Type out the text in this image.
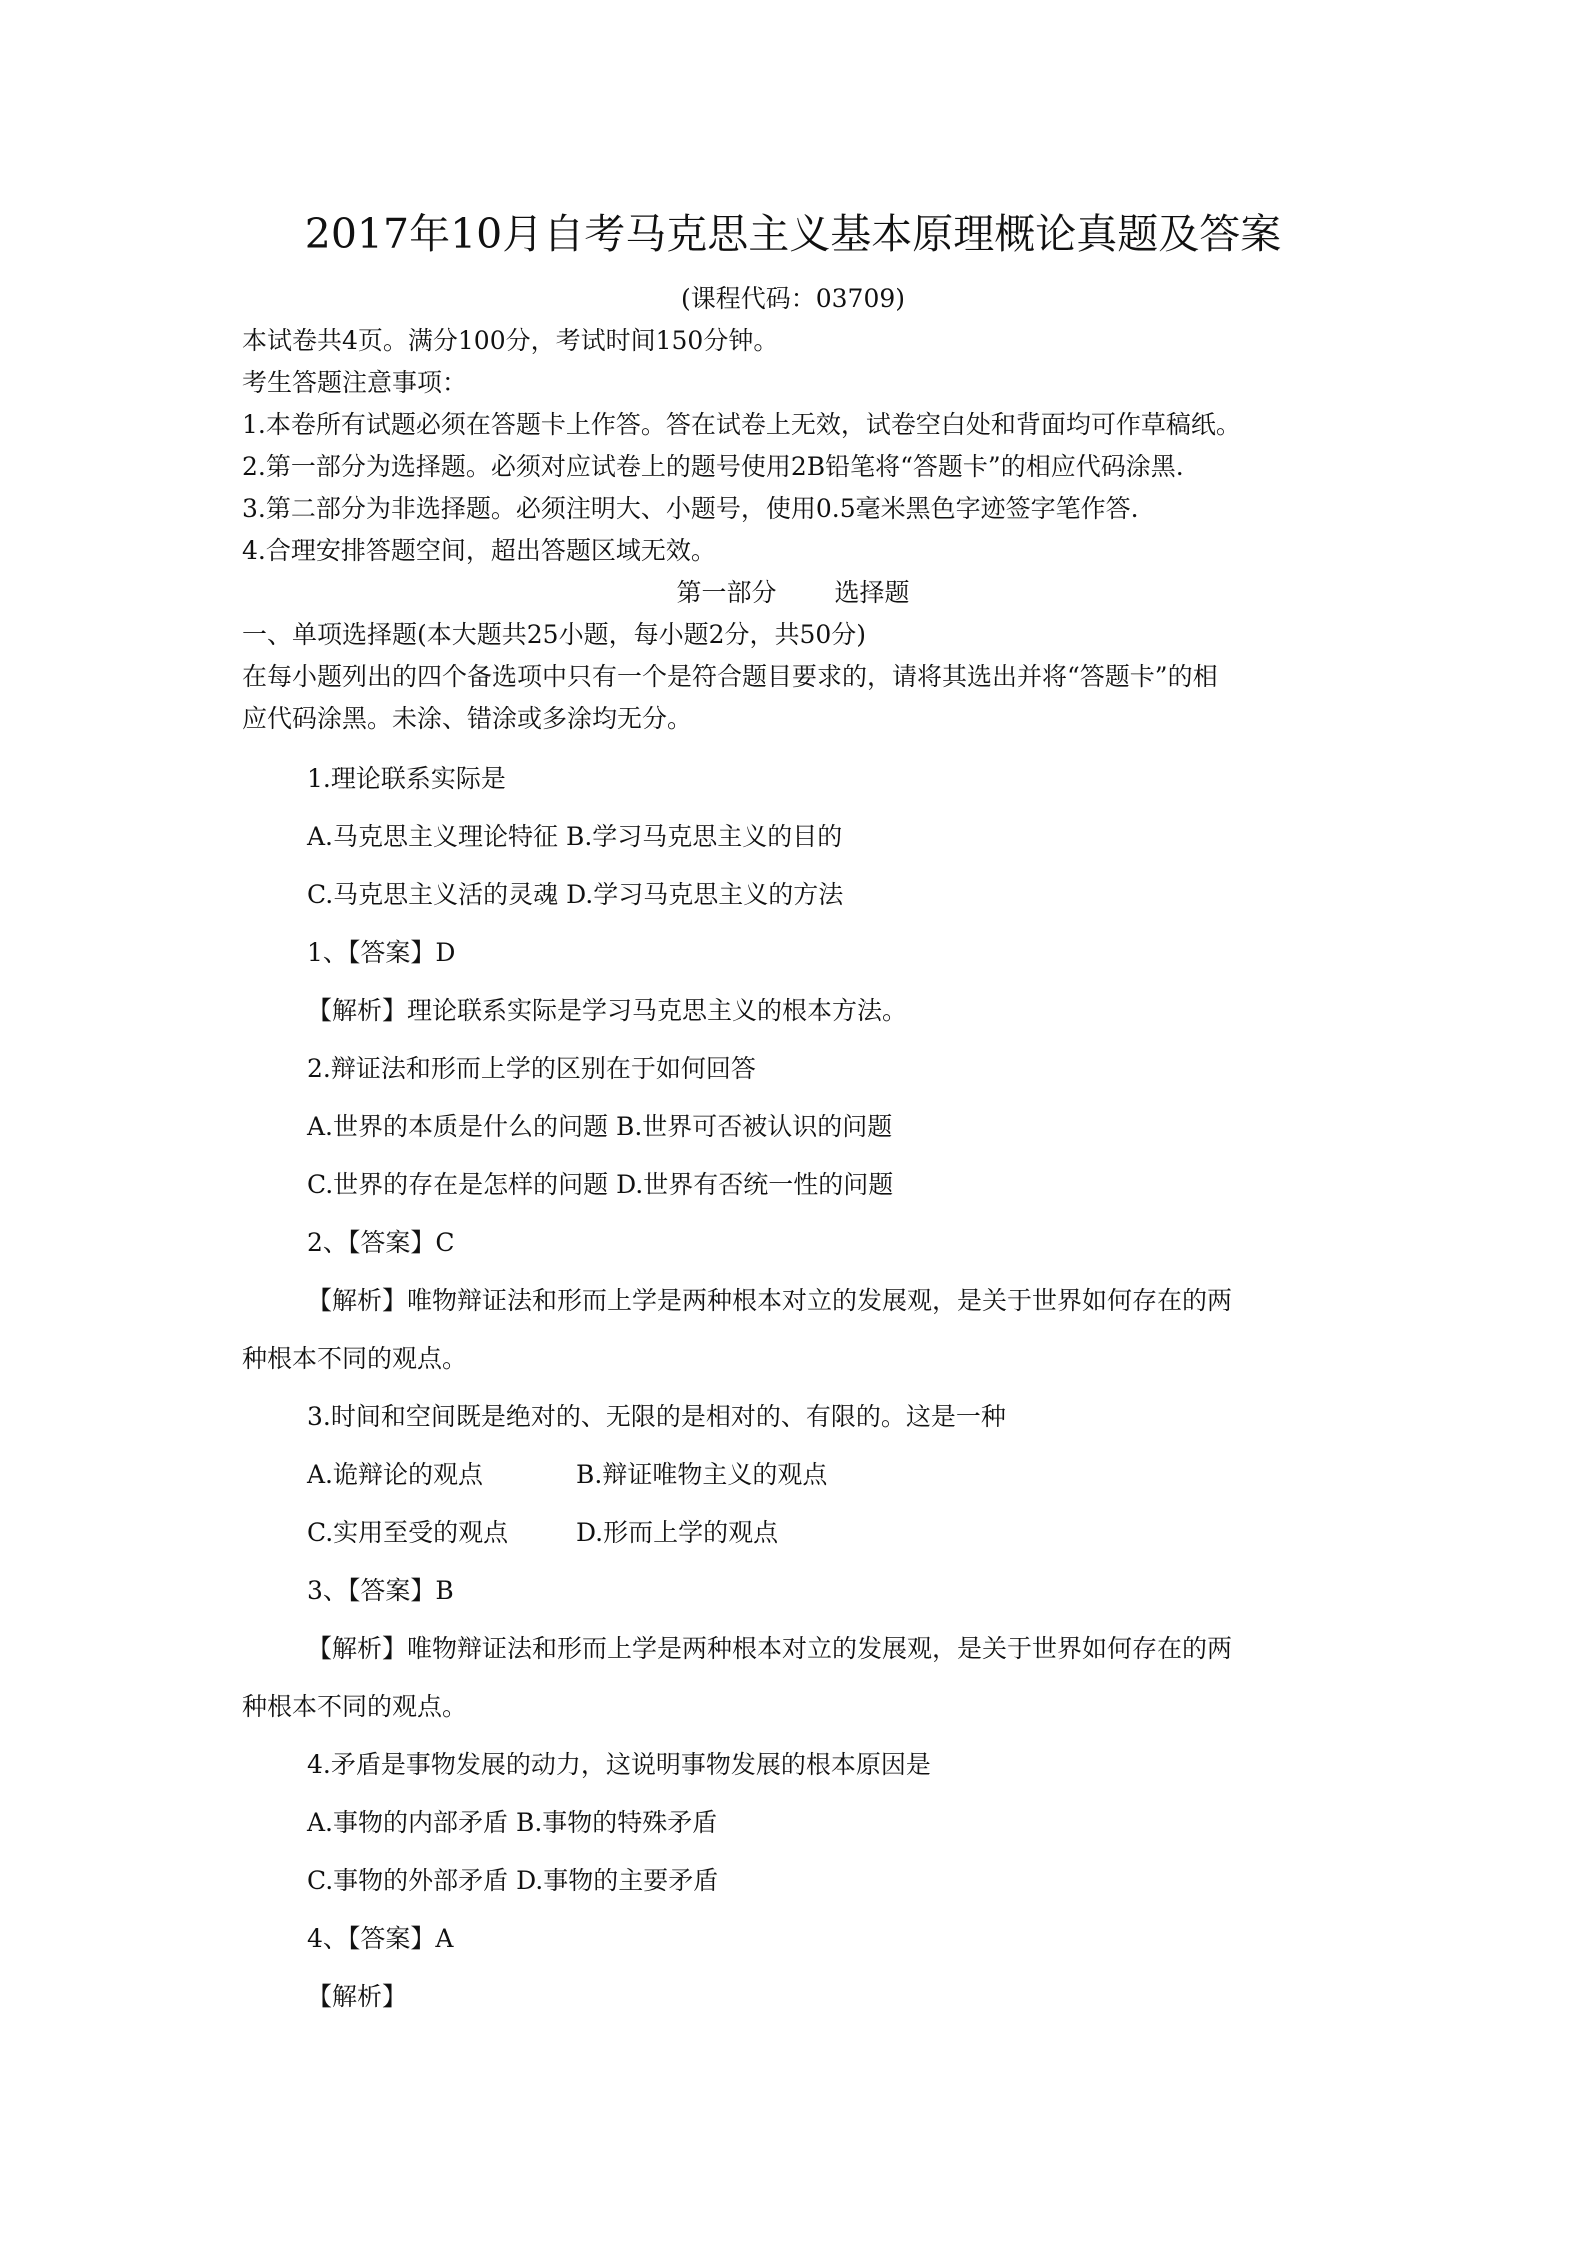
2017年10月自考马克思主义基本原理概论真题及答案
(课程代码：03709)
本试卷共4页。满分100分，考试时间150分钟。
考生答题注意事项：
1.本卷所有试题必须在答题卡上作答。答在试卷上无效，试卷空白处和背面均可作草稿纸。
2.第一部分为选择题。必须对应试卷上的题号使用2B铅笔将“答题卡”的相应代码涂黑.
3.第二部分为非选择题。必须注明大、小题号，使用0.5毫米黑色字迹签字笔作答.
4.合理安排答题空间，超出答题区域无效。
第一部分 选择题
一、单项选择题(本大题共25小题，每小题2分，共50分)
在每小题列出的四个备选项中只有一个是符合题目要求的，请将其选出并将“答题卡”的相
应代码涂黑。未涂、错涂或多涂均无分。
1.理论联系实际是
A.马克思主义理论特征 B.学习马克思主义的目的
C.马克思主义活的灵魂 D.学习马克思主义的方法
1、【答案】D
【解析】理论联系实际是学习马克思主义的根本方法。
2.辩证法和形而上学的区别在于如何回答
A.世界的本质是什么的问题 B.世界可否被认识的问题
C.世界的存在是怎样的问题 D.世界有否统一性的问题
2、【答案】C
【解析】唯物辩证法和形而上学是两种根本对立的发展观，是关于世界如何存在的两
种根本不同的观点。
3.时间和空间既是绝对的、无限的是相对的、有限的。这是一种
A.诡辩论的观点	B.辩证唯物主义的观点
C.实用至受的观点	D.形而上学的观点
3、【答案】B
【解析】唯物辩证法和形而上学是两种根本对立的发展观，是关于世界如何存在的两
种根本不同的观点。
4.矛盾是事物发展的动力，这说明事物发展的根本原因是
A.事物的内部矛盾 B.事物的特殊矛盾
C.事物的外部矛盾 D.事物的主要矛盾
4、【答案】A
【解析】
